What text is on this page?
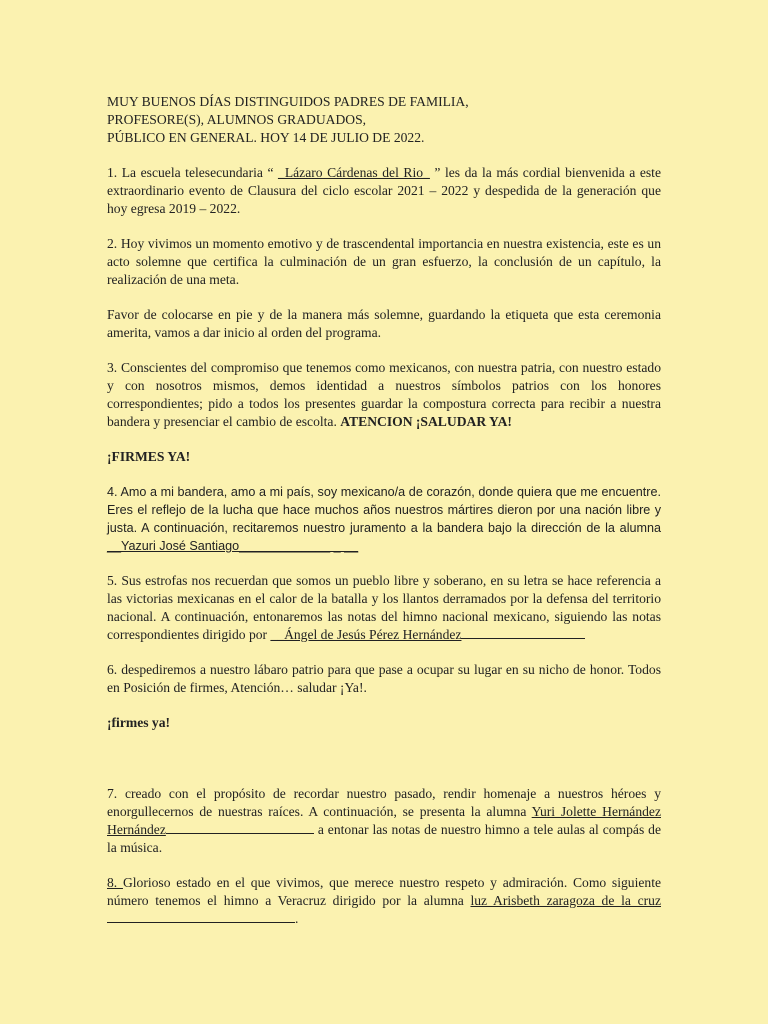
MUY BUENOS DÍAS DISTINGUIDOS PADRES DE FAMILIA,
PROFESORE(S), ALUMNOS GRADUADOS,
PÚBLICO EN GENERAL. HOY 14 DE JULIO DE 2022.

1. La escuela telesecundaria “ _Lázaro Cárdenas del Rio_ ” les da la más cordial bienvenida a este extraordinario evento de Clausura del ciclo escolar 2021 – 2022 y despedida de la generación que hoy egresa 2019 – 2022.

2. Hoy vivimos un momento emotivo y de trascendental importancia en nuestra existencia, este es un acto solemne que certifica la culminación de un gran esfuerzo, la conclusión de un capítulo, la realización de una meta.

Favor de colocarse en pie y de la manera más solemne, guardando la etiqueta que esta ceremonia amerita, vamos a dar inicio al orden del programa.

3. Conscientes del compromiso que tenemos como mexicanos, con nuestra patria, con nuestro estado y con nosotros mismos, demos identidad a nuestros símbolos patrios con los honores correspondientes; pido a todos los presentes guardar la compostura correcta para recibir a nuestra bandera y presenciar el cambio de escolta. ATENCION ¡SALUDAR YA!

¡FIRMES YA!

4. Amo a mi bandera, amo a mi país, soy mexicano/a de corazón, donde quiera que me encuentre. Eres el reflejo de la lucha que hace muchos años nuestros mártires dieron por una nación libre y justa. A continuación, recitaremos nuestro juramento a la bandera bajo la dirección de la alumna __Yazuri José Santiago_____________ _ __

5. Sus estrofas nos recuerdan que somos un pueblo libre y soberano, en su letra se hace referencia a las victorias mexicanas en el calor de la batalla y los llantos derramados por la defensa del territorio nacional. A continuación, entonaremos las notas del himno nacional mexicano, siguiendo las notas correspondientes dirigido por __Ángel de Jesús Pérez Hernández

6. despediremos a nuestro lábaro patrio para que pase a ocupar su lugar en su nicho de honor. Todos en Posición de firmes, Atención… saludar ¡Ya!.

¡firmes ya!

7. creado con el propósito de recordar nuestro pasado, rendir homenaje a nuestros héroes y enorgullecernos de nuestras raíces. A continuación, se presenta la alumna Yuri Jolette Hernández Hernández	a entonar las notas de nuestro himno a tele aulas al compás de la música.

8. Glorioso estado en el que vivimos, que merece nuestro respeto y admiración. Como siguiente número tenemos el himno a Veracruz dirigido por la alumna luz Arisbeth zaragoza de la cruz.
